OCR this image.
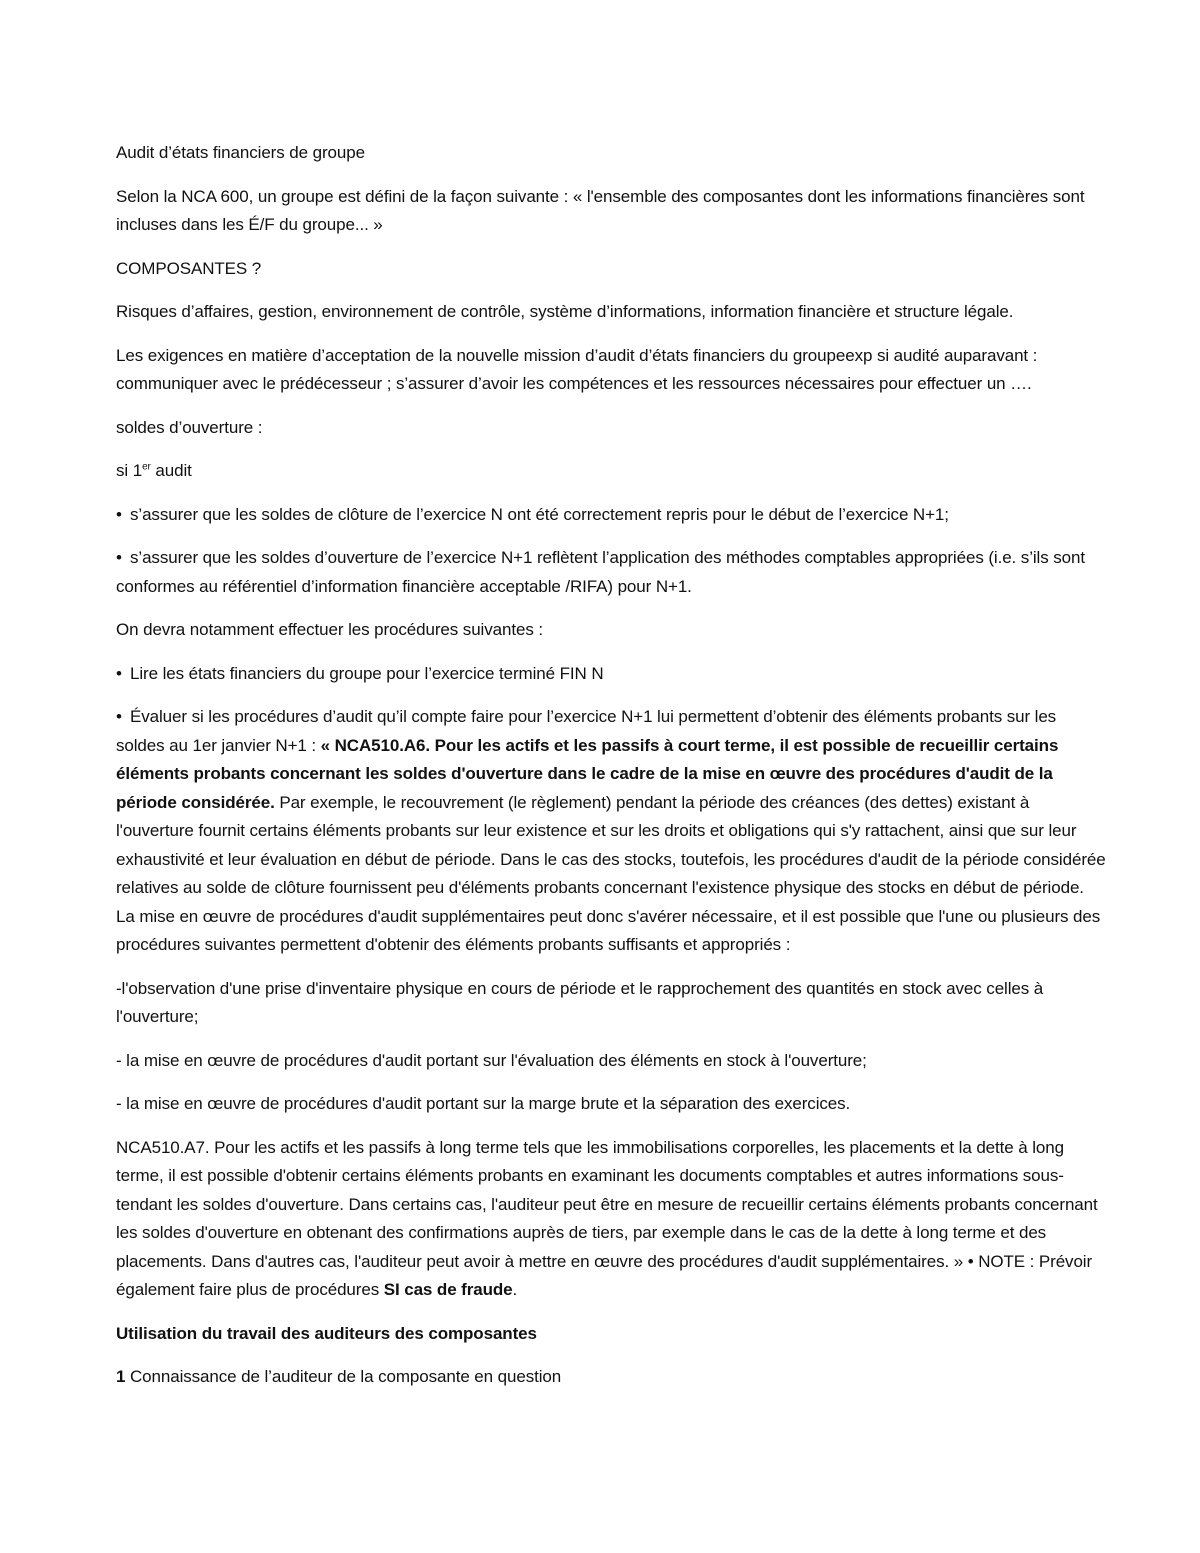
Audit d’états financiers de groupe

Selon la NCA 600, un groupe est défini de la façon suivante : « l'ensemble des composantes dont les informations financières sont incluses dans les É/F du groupe... »

COMPOSANTES ?

Risques d’affaires, gestion, environnement de contrôle, système d’informations, information financière et structure légale.

Les exigences en matière d’acceptation de la nouvelle mission d’audit d’états financiers du groupeexp si audité auparavant : communiquer avec le prédécesseur ; s’assurer d’avoir les compétences et les ressources nécessaires pour effectuer un ….

soldes d’ouverture :

si 1er audit

• s’assurer que les soldes de clôture de l’exercice N ont été correctement repris pour le début de l’exercice N+1;

• s’assurer que les soldes d’ouverture de l’exercice N+1 reflètent l’application des méthodes comptables appropriées (i.e. s’ils sont conformes au référentiel d’information financière acceptable /RIFA) pour N+1.

On devra notamment effectuer les procédures suivantes :

• Lire les états financiers du groupe pour l’exercice terminé FIN N

• Évaluer si les procédures d’audit qu’il compte faire pour l’exercice N+1 lui permettent d’obtenir des éléments probants sur les soldes au 1er janvier N+1 : « NCA510.A6. Pour les actifs et les passifs à court terme, il est possible de recueillir certains éléments probants concernant les soldes d'ouverture dans le cadre de la mise en œuvre des procédures d'audit de la période considérée. Par exemple, le recouvrement (le règlement) pendant la période des créances (des dettes) existant à l'ouverture fournit certains éléments probants sur leur existence et sur les droits et obligations qui s'y rattachent, ainsi que sur leur exhaustivité et leur évaluation en début de période. Dans le cas des stocks, toutefois, les procédures d'audit de la période considérée relatives au solde de clôture fournissent peu d'éléments probants concernant l'existence physique des stocks en début de période. La mise en œuvre de procédures d'audit supplémentaires peut donc s'avérer nécessaire, et il est possible que l'une ou plusieurs des procédures suivantes permettent d'obtenir des éléments probants suffisants et appropriés :

-l'observation d'une prise d'inventaire physique en cours de période et le rapprochement des quantités en stock avec celles à l'ouverture;

- la mise en œuvre de procédures d'audit portant sur l'évaluation des éléments en stock à l'ouverture;

- la mise en œuvre de procédures d'audit portant sur la marge brute et la séparation des exercices.

NCA510.A7. Pour les actifs et les passifs à long terme tels que les immobilisations corporelles, les placements et la dette à long terme, il est possible d'obtenir certains éléments probants en examinant les documents comptables et autres informations sous-tendant les soldes d'ouverture. Dans certains cas, l'auditeur peut être en mesure de recueillir certains éléments probants concernant les soldes d'ouverture en obtenant des confirmations auprès de tiers, par exemple dans le cas de la dette à long terme et des placements. Dans d'autres cas, l'auditeur peut avoir à mettre en œuvre des procédures d'audit supplémentaires. » • NOTE : Prévoir également faire plus de procédures SI cas de fraude.

Utilisation du travail des auditeurs des composantes

1 Connaissance de l’auditeur de la composante en question
